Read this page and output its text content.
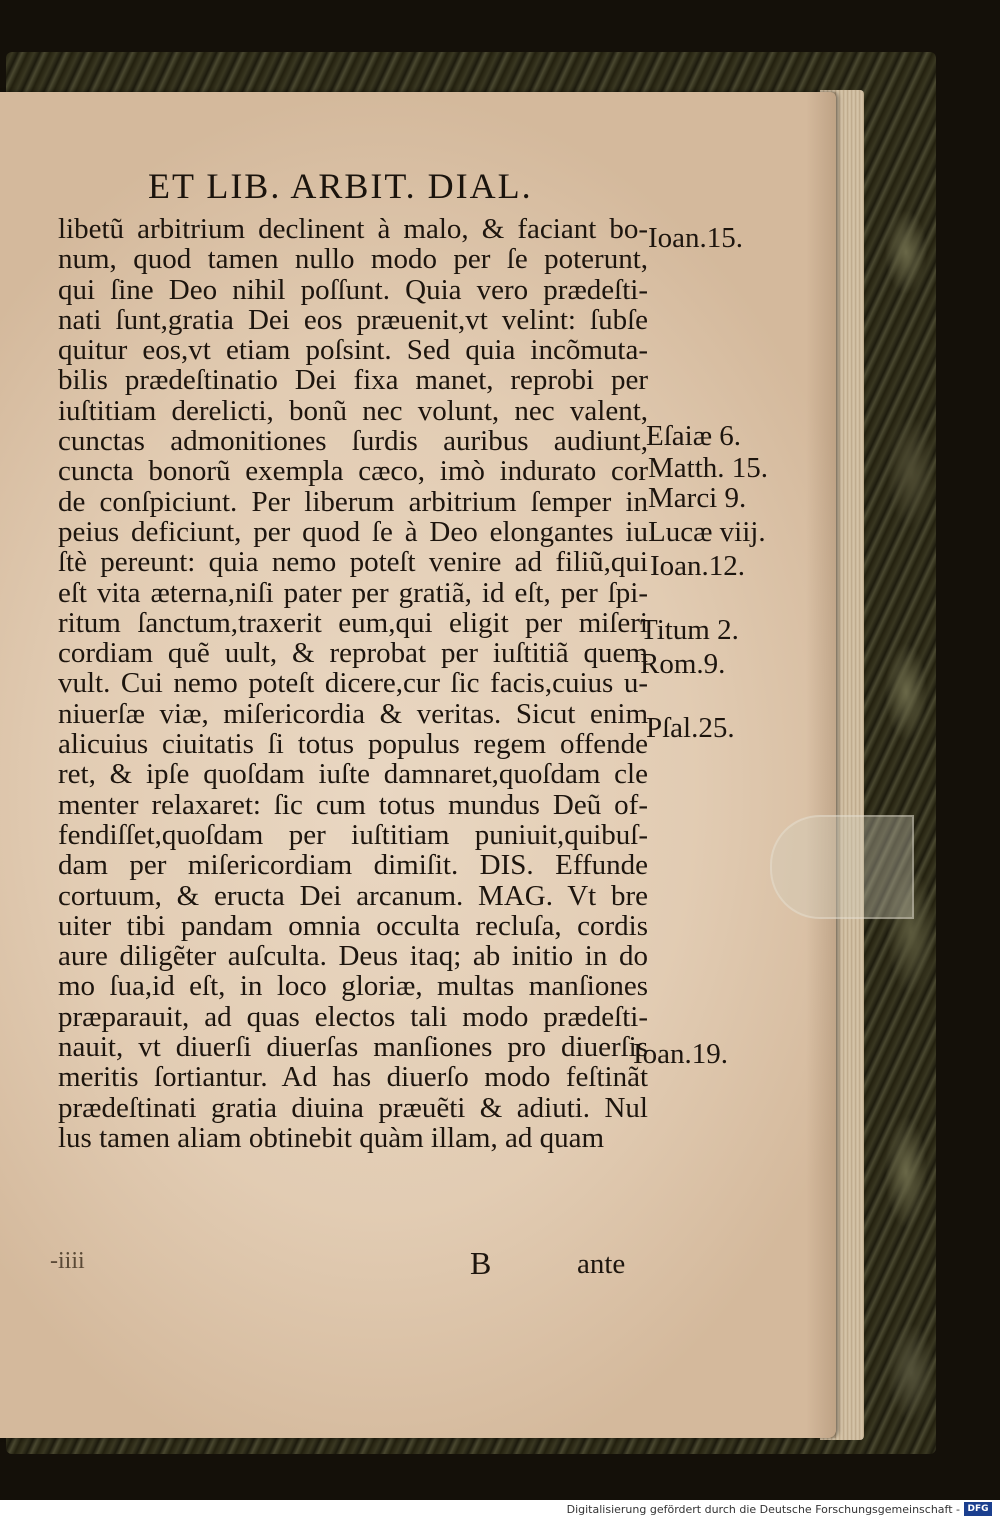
ET LIB. ARBIT. DIAL.
libetũ arbitrium declinent à malo, & faciant bo-
num, quod tamen nullo modo per ſe poterunt,
qui ſine Deo nihil poſſunt. Quia vero prædeſti-
nati ſunt,gratia Dei eos præuenit,vt velint: ſubſe
quitur eos,vt etiam poſsint. Sed quia incõmuta-
bilis prædeſtinatio Dei fixa manet, reprobi per
iuſtitiam derelicti, bonũ nec volunt, nec valent,
cunctas admonitiones ſurdis auribus audiunt,
cuncta bonorũ exempla cæco, imò indurato cor
de conſpiciunt. Per liberum arbitrium ſemper in
peius deficiunt, per quod ſe à Deo elongantes iu
ſtè pereunt: quia nemo poteſt venire ad filiũ,qui
eſt vita æterna,niſi pater per gratiã, id eſt, per ſpi-
ritum ſanctum,traxerit eum,qui eligit per miſeri
cordiam quẽ uult, & reprobat per iuſtitiã quem
vult. Cui nemo poteſt dicere,cur ſic facis,cuius u-
niuerſæ viæ, miſericordia & veritas. Sicut enim
alicuius ciuitatis ſi totus populus regem offende
ret, & ipſe quoſdam iuſte damnaret,quoſdam cle
menter relaxaret: ſic cum totus mundus Deũ of-
fendiſſet,quoſdam per iuſtitiam puniuit,quibuſ-
dam per miſericordiam dimiſit. DIS. Effunde
cortuum, & eructa Dei arcanum. MAG. Vt bre
uiter tibi pandam omnia occulta recluſa, cordis
aure diligẽter auſculta. Deus itaq; ab initio in do
mo ſua,id eſt, in loco gloriæ, multas manſiones
præparauit, ad quas electos tali modo prædeſti-
nauit, vt diuerſi diuerſas manſiones pro diuerſis
meritis ſortiantur. Ad has diuerſo modo feſtinãt
prædeſtinati gratia diuina præuẽti & adiuti. Nul
lus tamen aliam obtinebit quàm illam, ad quam
Ioan.15.
Eſaiæ 6.
Matth. 15.
Marci 9.
Lucæ viij.
Ioan.12.
Titum 2.
Rom.9.
Pſal.25.
Ioan.19.
-iiii	B	ante
Digitalisierung gefördert durch die Deutsche Forschungsgemeinschaft - DFG
